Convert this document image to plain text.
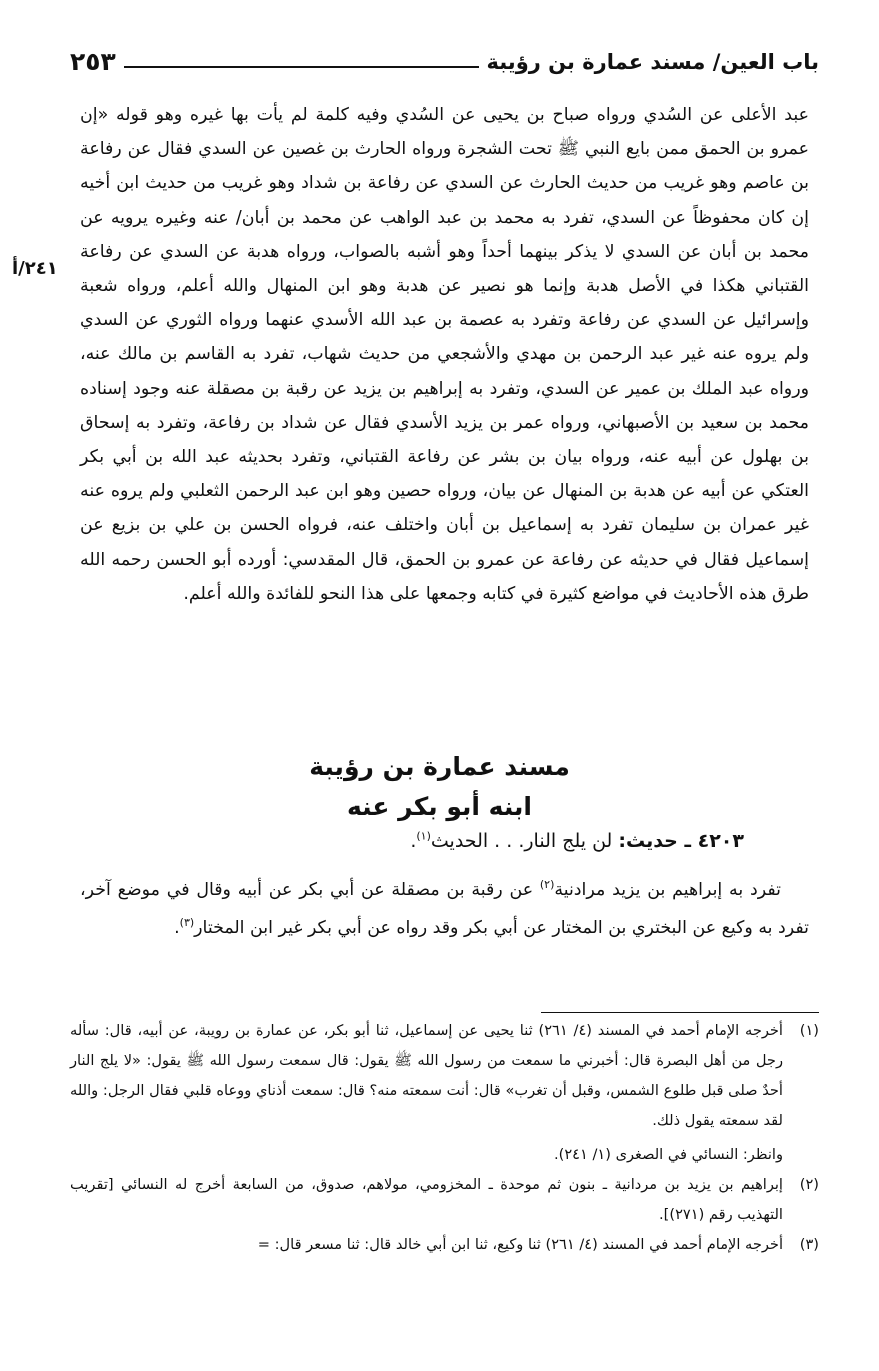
باب العين/ مسند عمارة بن رؤيبة
٢٥٣
٢٤١/أ

عبد الأعلى عن السُدي ورواه صباح بن يحيى عن السُدي وفيه كلمة لم يأت بها غيره وهو قوله «إن عمرو بن الحمق ممن بايع النبي ﷺ تحت الشجرة ورواه الحارث بن غصين عن السدي فقال عن رفاعة بن عاصم وهو غريب من حديث الحارث عن السدي عن رفاعة بن شداد وهو غريب من حديث ابن أخيه إن كان محفوظاً عن السدي، تفرد به محمد بن عبد الواهب عن محمد بن أبان/ عنه وغيره يرويه عن محمد بن أبان عن السدي لا يذكر بينهما أحداً وهو أشبه بالصواب، ورواه هدبة عن السدي عن رفاعة القتباني هكذا في الأصل هدبة وإنما هو نصير عن هدبة وهو ابن المنهال والله أعلم، ورواه شعبة وإسرائيل عن السدي عن رفاعة وتفرد به عصمة بن عبد الله الأسدي عنهما ورواه الثوري عن السدي ولم يروه عنه غير عبد الرحمن بن مهدي والأشجعي من حديث شهاب، تفرد به القاسم بن مالك عنه، ورواه عبد الملك بن عمير عن السدي، وتفرد به إبراهيم بن يزيد عن رقبة بن مصقلة عنه وجود إسناده محمد بن سعيد بن الأصبهاني، ورواه عمر بن يزيد الأسدي فقال عن شداد بن رفاعة، وتفرد به إسحاق بن بهلول عن أبيه عنه، ورواه بيان بن بشر عن رفاعة القتباني، وتفرد بحديثه عبد الله بن أبي بكر العتكي عن أبيه عن هدبة بن المنهال عن بيان، ورواه حصين وهو ابن عبد الرحمن الثعلبي ولم يروه عنه غير عمران بن سليمان تفرد به إسماعيل بن أبان واختلف عنه، فرواه الحسن بن علي بن بزيع عن إسماعيل فقال في حديثه عن رفاعة عن عمرو بن الحمق، قال المقدسي: أورده أبو الحسن رحمه الله طرق هذه الأحاديث في مواضع كثيرة في كتابه وجمعها على هذا النحو للفائدة والله أعلم.

مسند عمارة بن رؤيبة
ابنه أبو بكر عنه
٤٢٠٣ ـ حديث: لن يلج النار. . . الحديث$^{(١)}$.

تفرد به إبراهيم بن يزيد مرادنية$^{(٢)}$ عن رقبة بن مصقلة عن أبي بكر عن أبيه وقال في موضع آخر، تفرد به وكيع عن البختري بن المختار عن أبي بكر وقد رواه عن أبي بكر غير ابن المختار$^{(٣)}$.

(١)
أخرجه الإمام أحمد في المسند (٤/ ٢٦١) ثنا يحيى عن إسماعيل، ثنا أبو بكر، عن عمارة بن رويبة، عن أبيه، قال: سأله رجل من أهل البصرة قال: أخبرني ما سمعت من رسول الله ﷺ يقول: قال سمعت رسول الله ﷺ يقول: «لا يلج النار أحدٌ صلى قبل طلوع الشمس، وقبل أن تغرب» قال: أنت سمعته منه؟ قال: سمعت أذناي ووعاه قلبي فقال الرجل: والله لقد سمعته يقول ذلك.
وانظر: النسائي في الصغرى (١/ ٢٤١).
(٢)
إبراهيم بن يزيد بن مردانية ـ بنون ثم موحدة ـ المخزومي، مولاهم، صدوق، من السابعة أخرج له النسائي [تقريب التهذيب رقم (٢٧١)].
(٣)
أخرجه الإمام أحمد في المسند (٤/ ٢٦١) ثنا وكيع، ثنا ابن أبي خالد قال: ثنا مسعر قال: =
